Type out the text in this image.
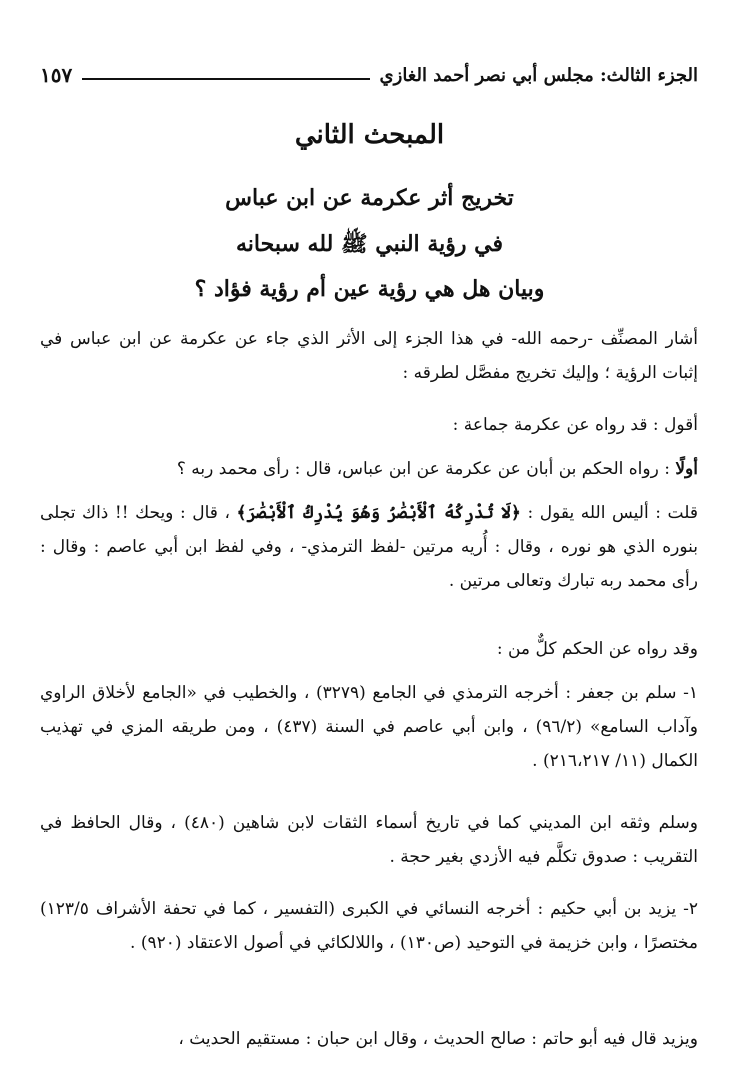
الجزء الثالث: مجلس أبي نصر أحمد الغازي
١٥٧
المبحث الثاني
تخريج أثر عكرمة عن ابن عباس
في رؤية النبي ﷺ لله سبحانه
وبيان هل هي رؤية عين أم رؤية فؤاد ؟
أشار المصنِّف -رحمه الله- في هذا الجزء إلى الأثر الذي جاء عن عكرمة عن ابن عباس في إثبات الرؤية ؛ وإليك تخريج مفصَّل لطرقه :
أقول : قد رواه عن عكرمة جماعة :
أولًا : رواه الحكم بن أبان عن عكرمة عن ابن عباس، قال : رأى محمد ربه ؟
قلت : أليس الله يقول : ﴿لَا تُدْرِكُهُ ٱلْأَبْصَٰرُ وَهُوَ يُدْرِكُ ٱلْأَبْصَٰرَ﴾ ، قال : ويحك !! ذاك تجلى بنوره الذي هو نوره ، وقال : أُريه مرتين -لفظ الترمذي- ، وفي لفظ ابن أبي عاصم : وقال : رأى محمد ربه تبارك وتعالى مرتين .
وقد رواه عن الحكم كلٌّ من :
١- سلم بن جعفر : أخرجه الترمذي في الجامع (٣٢٧٩) ، والخطيب في «الجامع لأخلاق الراوي وآداب السامع» (٩٦/٢) ، وابن أبي عاصم في السنة (٤٣٧) ، ومن طريقه المزي في تهذيب الكمال (١١/ ٢١٦،٢١٧) .
وسلم وثقه ابن المديني كما في تاريخ أسماء الثقات لابن شاهين (٤٨٠) ، وقال الحافظ في التقريب : صدوق تكلَّم فيه الأزدي بغير حجة .
٢- يزيد بن أبي حكيم : أخرجه النسائي في الكبرى (التفسير ، كما في تحفة الأشراف ١٢٣/٥) مختصرًا ، وابن خزيمة في التوحيد (ص١٣٠) ، واللالكائي في أصول الاعتقاد (٩٢٠) .
ويزيد قال فيه أبو حاتم : صالح الحديث ، وقال ابن حبان : مستقيم الحديث ،
